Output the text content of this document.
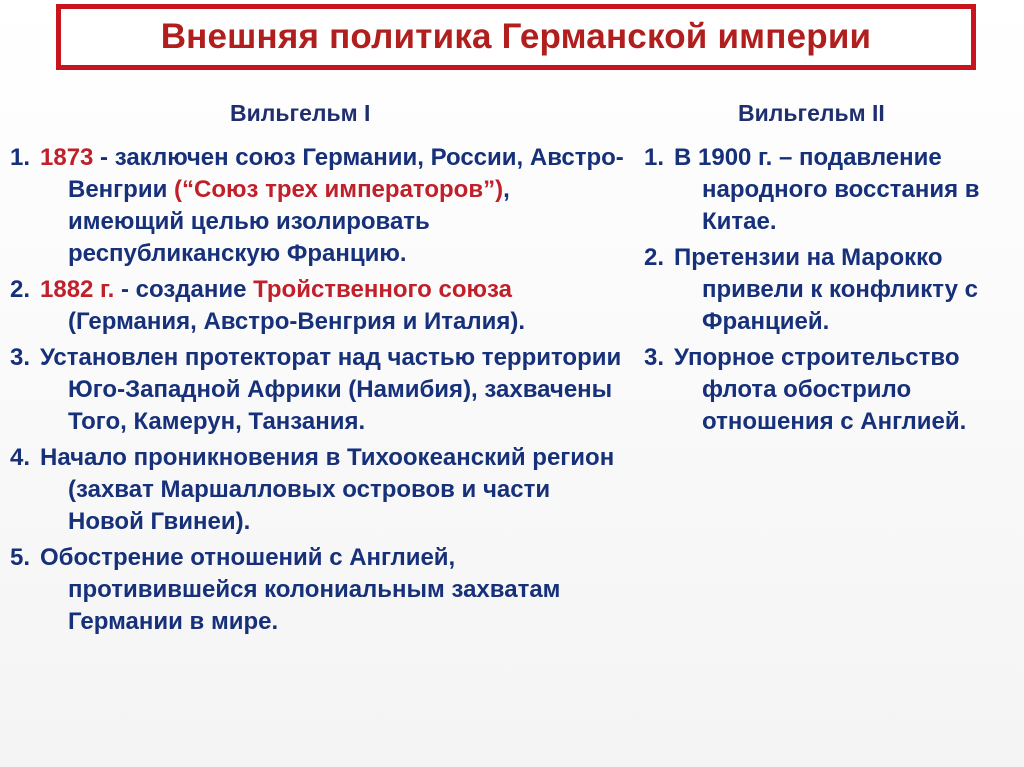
Внешняя политика Германской империи
Вильгельм I	Вильгельм II
1. 1873 - заключен союз Германии, России, Австро-Венгрии (“Союз трех императоров”), имеющий целью изолировать республиканскую Францию.
2. 1882 г. - создание Тройственного союза (Германия, Австро-Венгрия и Италия).
3. Установлен протекторат над частью территории Юго-Западной Африки (Намибия), захвачены Того, Камерун, Танзания.
4. Начало проникновения в Тихоокеанский регион (захват Маршалловых островов и части Новой Гвинеи).
5. Обострение отношений с Англией, противившейся колониальным захватам Германии в мире.
1. В 1900 г. – подавление народного восстания в Китае.
2. Претензии на Марокко привели к конфликту с Францией.
3. Упорное строительство флота обострило отношения с Англией.
